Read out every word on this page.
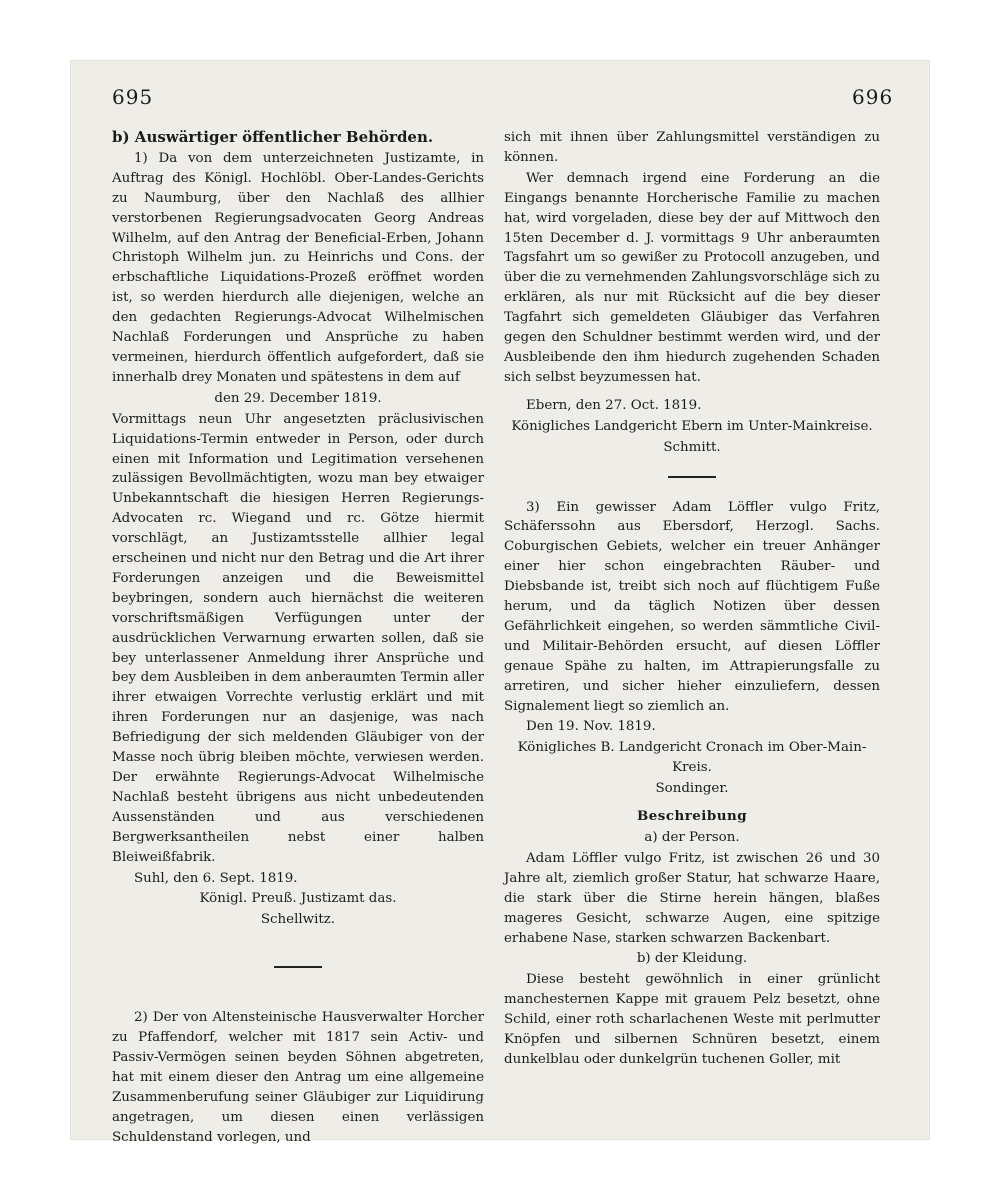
695	696

b) Auswärtiger öffentlicher Behörden.

1) Da von dem unterzeichneten Justizamte, in Auftrag des Königl. Hochlöbl. Ober-Landes-Gerichts zu Naumburg, über den Nachlaß des allhier verstorbenen Regierungsadvocaten Georg Andreas Wilhelm, auf den Antrag der Beneficial-Erben, Johann Christoph Wilhelm jun. zu Heinrichs und Cons. der erbschaftliche Liquidations-Prozeß eröffnet worden ist, so werden hierdurch alle diejenigen, welche an den gedachten Regierungs-Advocat Wilhelmischen Nachlaß Forderungen und Ansprüche zu haben vermeinen, hierdurch öffentlich aufgefordert, daß sie innerhalb drey Monaten und spätestens in dem auf

den 29. December 1819.

Vormittags neun Uhr angesetzten präclusivischen Liquidations-Termin entweder in Person, oder durch einen mit Information und Legitimation versehenen zulässigen Bevollmächtigten, wozu man bey etwaiger Unbekanntschaft die hiesigen Herren Regierungs-Advocaten rc. Wiegand und rc. Götze hiermit vorschlägt, an Justizamtsstelle allhier legal erscheinen und nicht nur den Betrag und die Art ihrer Forderungen anzeigen und die Beweismittel beybringen, sondern auch hiernächst die weiteren vorschriftsmäßigen Verfügungen unter der ausdrücklichen Verwarnung erwarten sollen, daß sie bey unterlassener Anmeldung ihrer Ansprüche und bey dem Ausbleiben in dem anberaumten Termin aller ihrer etwaigen Vorrechte verlustig erklärt und mit ihren Forderungen nur an dasjenige, was nach Befriedigung der sich meldenden Gläubiger von der Masse noch übrig bleiben möchte, verwiesen werden. Der erwähnte Regierungs-Advocat Wilhelmische Nachlaß besteht übrigens aus nicht unbedeutenden Aussenständen und aus verschiedenen Bergwerksantheilen nebst einer halben Bleiweißfabrik.

Suhl, den 6. Sept. 1819.

Königl. Preuß. Justizamt das.

Schellwitz.

2) Der von Altensteinische Hausverwalter Horcher zu Pfaffendorf, welcher mit 1817 sein Activ- und Passiv-Vermögen seinen beyden Söhnen abgetreten, hat mit einem dieser den Antrag um eine allgemeine Zusammenberufung seiner Gläubiger zur Liquidirung angetragen, um diesen einen verlässigen Schuldenstand vorlegen, und

sich mit ihnen über Zahlungsmittel verständigen zu können.

Wer demnach irgend eine Forderung an die Eingangs benannte Horcherische Familie zu machen hat, wird vorgeladen, diese bey der auf Mittwoch den 15ten December d. J. vormittags 9 Uhr anberaumten Tagsfahrt um so gewißer zu Protocoll anzugeben, und über die zu vernehmenden Zahlungsvorschläge sich zu erklären, als nur mit Rücksicht auf die bey dieser Tagfahrt sich gemeldeten Gläubiger das Verfahren gegen den Schuldner bestimmt werden wird, und der Ausbleibende den ihm hiedurch zugehenden Schaden sich selbst beyzumessen hat.

Ebern, den 27. Oct. 1819.

Königliches Landgericht Ebern im Unter-Mainkreise.

Schmitt.

3) Ein gewisser Adam Löffler vulgo Fritz, Schäferssohn aus Ebersdorf, Herzogl. Sachs. Coburgischen Gebiets, welcher ein treuer Anhänger einer hier schon eingebrachten Räuber- und Diebsbande ist, treibt sich noch auf flüchtigem Fuße herum, und da täglich Notizen über dessen Gefährlichkeit eingehen, so werden sämmtliche Civil- und Militair-Behörden ersucht, auf diesen Löffler genaue Spähe zu halten, im Attrapierungsfalle zu arretiren, und sicher hieher einzuliefern, dessen Signalement liegt so ziemlich an.

Den 19. Nov. 1819.

Königliches B. Landgericht Cronach im Ober-Main-Kreis.

Sondinger.

Beschreibung

a) der Person.

Adam Löffler vulgo Fritz, ist zwischen 26 und 30 Jahre alt, ziemlich großer Statur, hat schwarze Haare, die stark über die Stirne herein hängen, blaßes mageres Gesicht, schwarze Augen, eine spitzige erhabene Nase, starken schwarzen Backenbart.

b) der Kleidung.

Diese besteht gewöhnlich in einer grünlicht manchesternen Kappe mit grauem Pelz besetzt, ohne Schild, einer roth scharlachenen Weste mit perlmutter Knöpfen und silbernen Schnüren besetzt, einem dunkelblau oder dunkelgrün tuchenen Goller, mit
